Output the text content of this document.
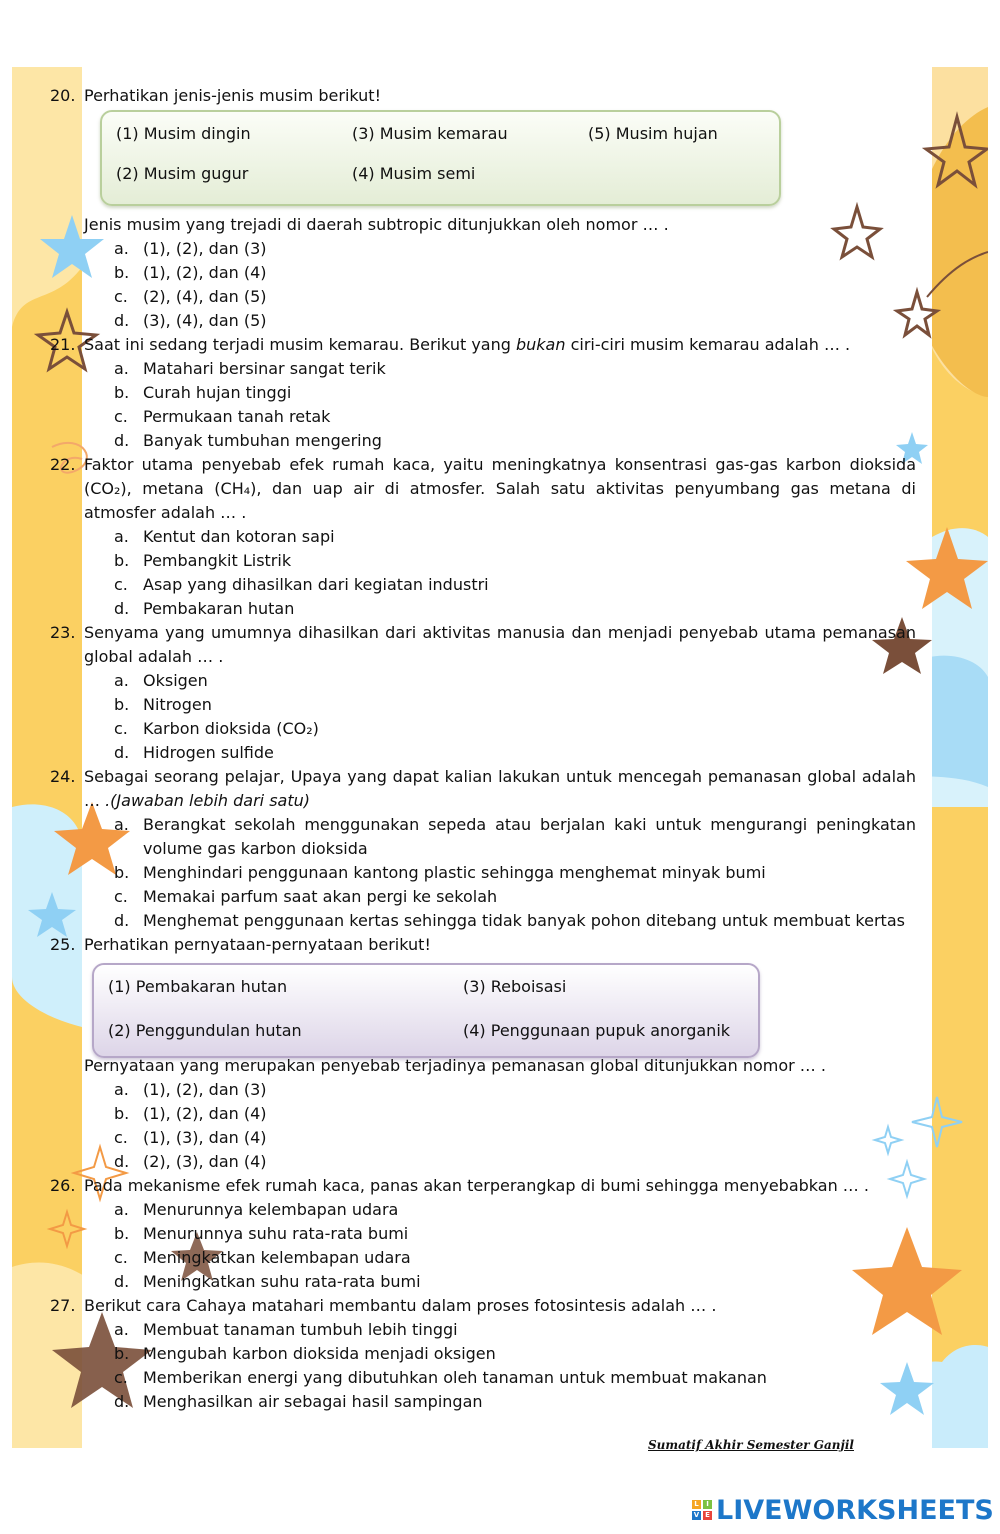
20. Perhatikan jenis-jenis musim berikut!
(1) Musim dingin	(3) Musim kemarau	(5) Musim hujan
(2) Musim gugur	(4) Musim semi
Jenis musim yang trejadi di daerah subtropic ditunjukkan oleh nomor … .
a. (1), (2), dan (3)
b. (1), (2), dan (4)
c. (2), (4), dan (5)
d. (3), (4), dan (5)
21. Saat ini sedang terjadi musim kemarau. Berikut yang bukan ciri-ciri musim kemarau adalah … .
a. Matahari bersinar sangat terik
b. Curah hujan tinggi
c. Permukaan tanah retak
d. Banyak tumbuhan mengering
22. Faktor utama penyebab efek rumah kaca, yaitu meningkatnya konsentrasi gas-gas karbon dioksida (CO₂), metana (CH₄), dan uap air di atmosfer. Salah satu aktivitas penyumbang gas metana di atmosfer adalah … .
a. Kentut dan kotoran sapi
b. Pembangkit Listrik
c. Asap yang dihasilkan dari kegiatan industri
d. Pembakaran hutan
23. Senyama yang umumnya dihasilkan dari aktivitas manusia dan menjadi penyebab utama pemanasan global adalah … .
a. Oksigen
b. Nitrogen
c. Karbon dioksida (CO₂)
d. Hidrogen sulfide
24. Sebagai seorang pelajar, Upaya yang dapat kalian lakukan untuk mencegah pemanasan global adalah … .(Jawaban lebih dari satu)
a. Berangkat sekolah menggunakan sepeda atau berjalan kaki untuk mengurangi peningkatan volume gas karbon dioksida
b. Menghindari penggunaan kantong plastic sehingga menghemat minyak bumi
c. Memakai parfum saat akan pergi ke sekolah
d. Menghemat penggunaan kertas sehingga tidak banyak pohon ditebang untuk membuat kertas
25. Perhatikan pernyataan-pernyataan berikut!
(1) Pembakaran hutan	(3) Reboisasi
(2) Penggundulan hutan	(4) Penggunaan pupuk anorganik
Pernyataan yang merupakan penyebab terjadinya pemanasan global ditunjukkan nomor … .
a. (1), (2), dan (3)
b. (1), (2), dan (4)
c. (1), (3), dan (4)
d. (2), (3), dan (4)
26. Pada mekanisme efek rumah kaca, panas akan terperangkap di bumi sehingga menyebabkan … .
a. Menurunnya kelembapan udara
b. Menurunnya suhu rata-rata bumi
c. Meningkatkan kelembapan udara
d. Meningkatkan suhu rata-rata bumi
27. Berikut cara Cahaya matahari membantu dalam proses fotosintesis adalah … .
a. Membuat tanaman tumbuh lebih tinggi
b. Mengubah karbon dioksida menjadi oksigen
c. Memberikan energi yang dibutuhkan oleh tanaman untuk membuat makanan
d. Menghasilkan air sebagai hasil sampingan
Sumatif Akhir Semester Ganjil
L	I
V E LIVEWORKSHEETS
